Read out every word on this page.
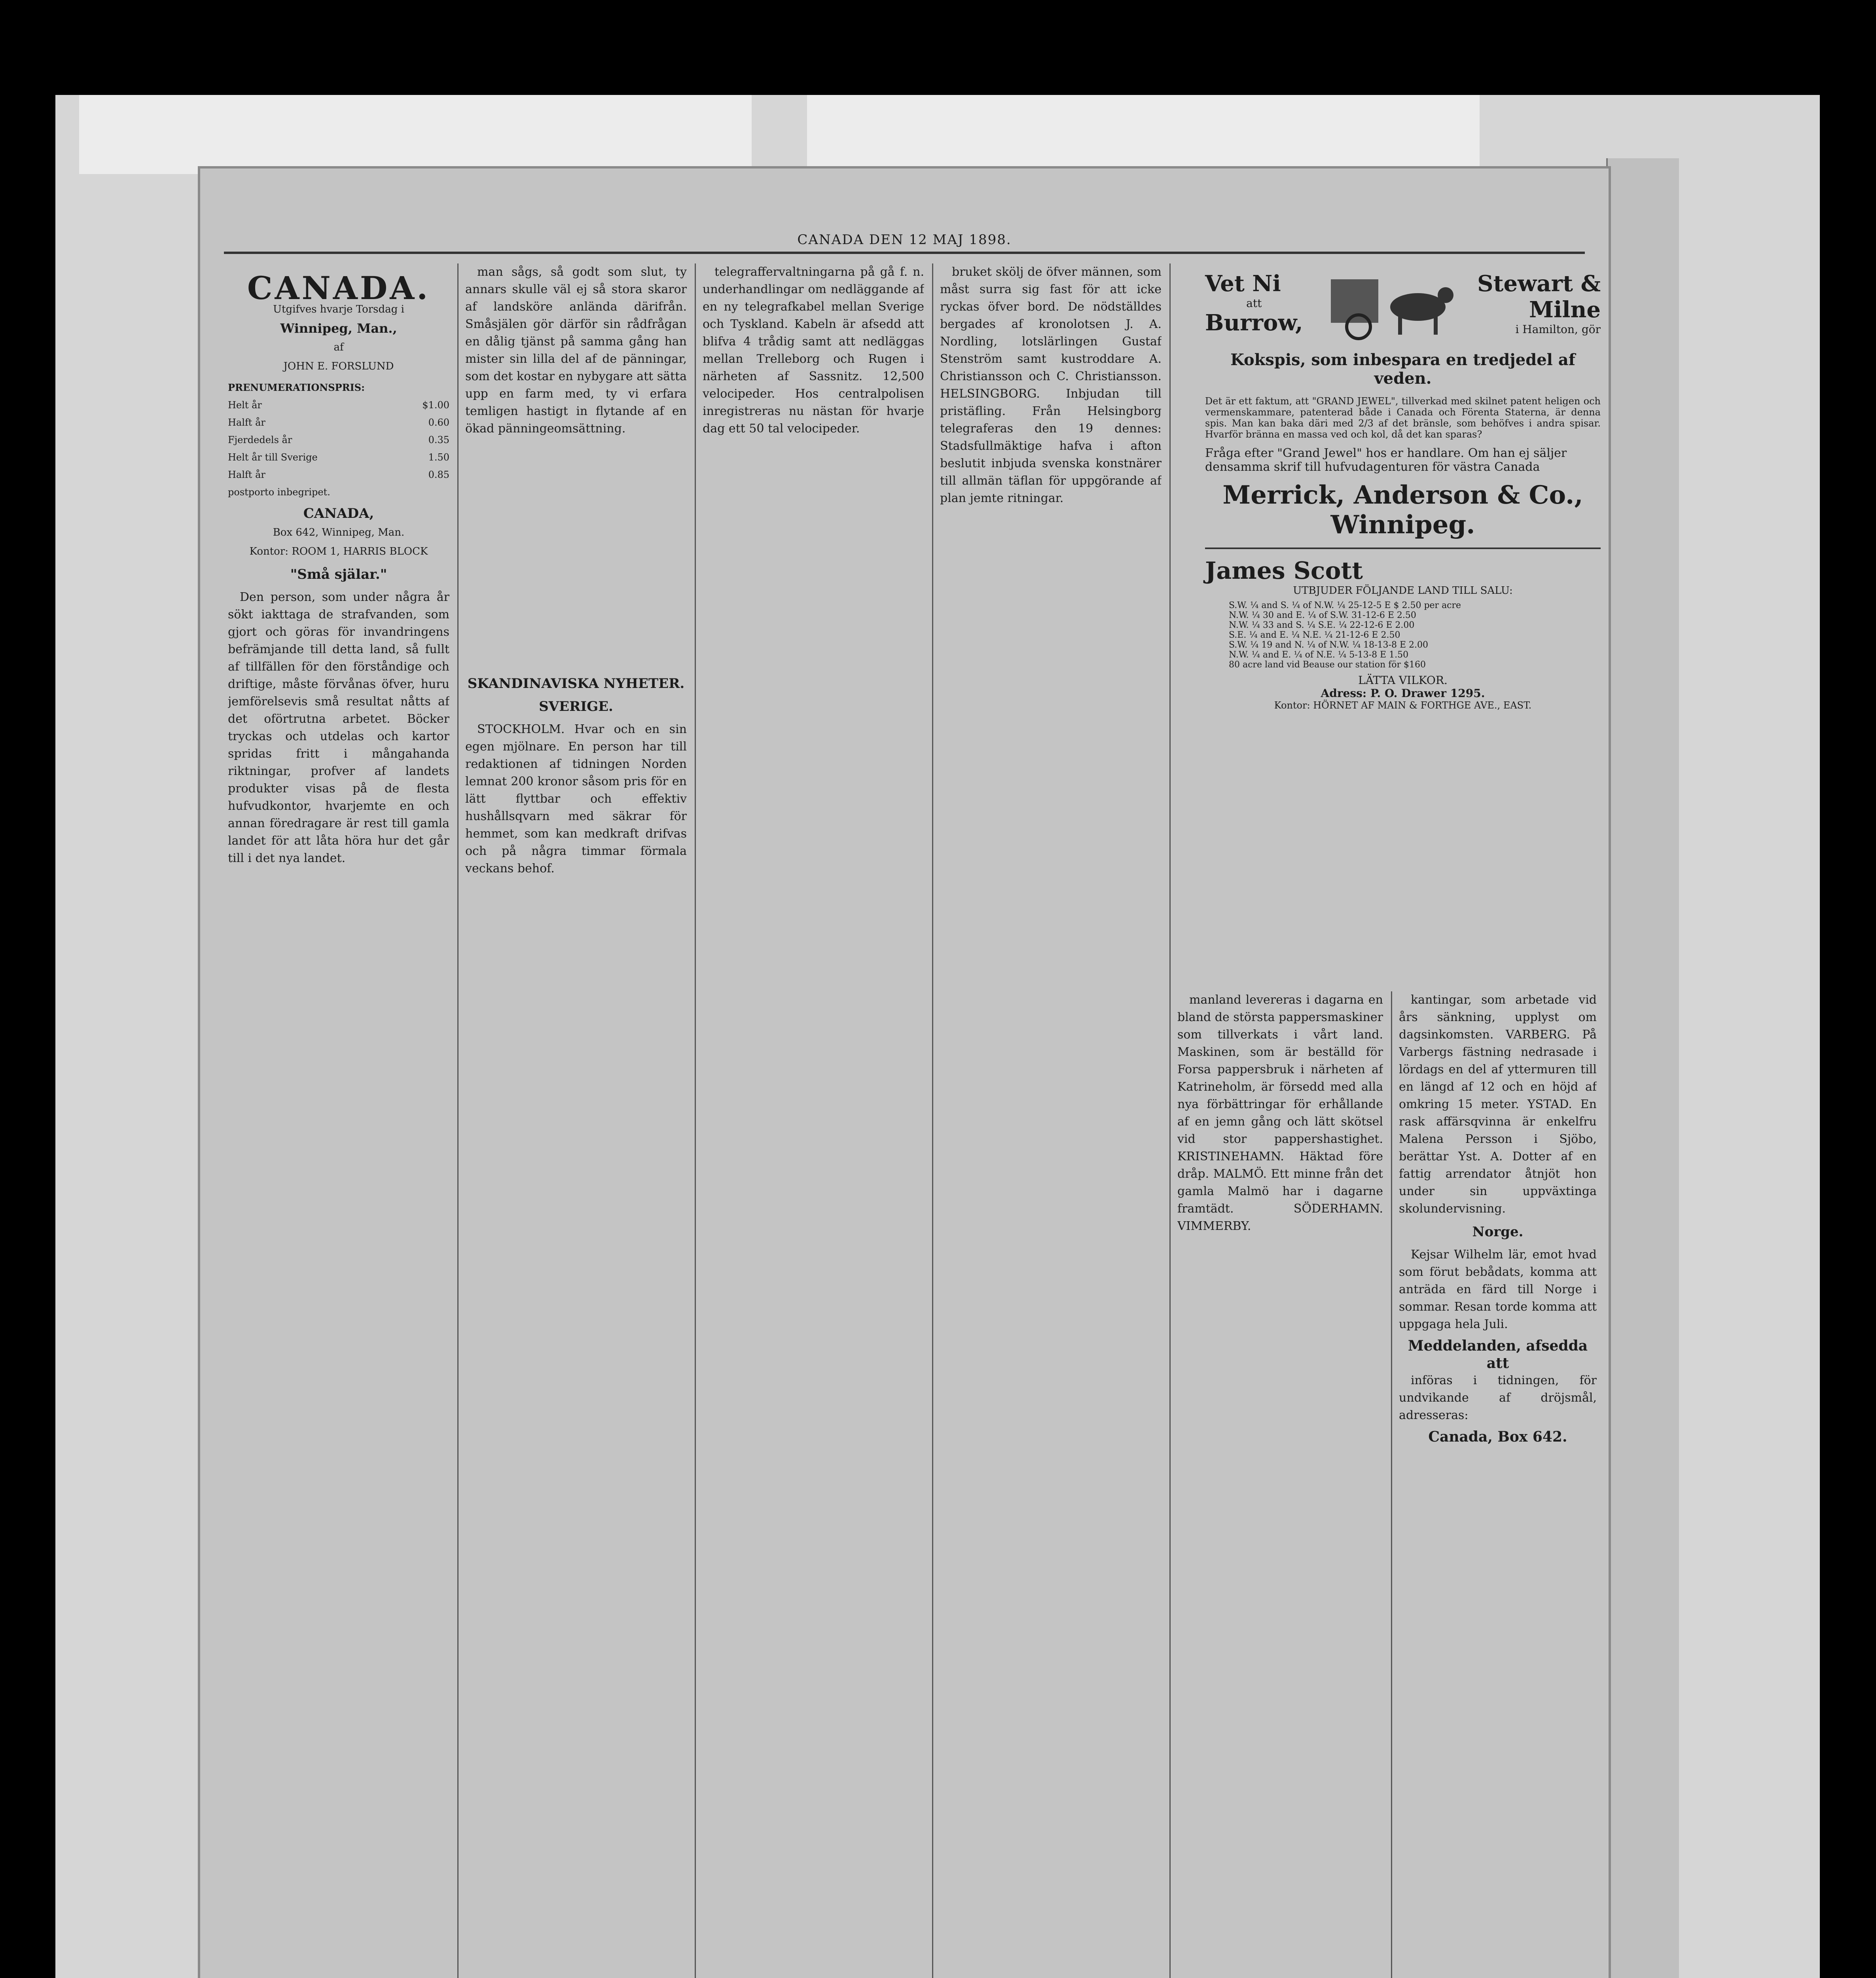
CANADA DEN 12 MAJ 1898.
CANADA.
Utgifves hvarje Torsdag i
Winnipeg, Man.,
af
JOHN E. FORSLUND
PRENUMERATIONSPRIS:
Helt år	$1.00
Halft år	0.60
Fjerdedels år	0.35
Helt år till Sverige	1.50
Halft år	0.85
postporto inbegripet.
CANADA,
Box 642, Winnipeg, Man.
Kontor: ROOM 1, HARRIS BLOCK
"Små själar."

Den person, som under några år sökt iakttaga de strafvanden, som gjort och göras för invandringens befrämjande till detta land, så fullt af tillfällen för den förståndige och driftige, måste förvånas öfver, huru jemförelsevis små resultat nåtts af det oförtrutna arbetet. Böcker tryckas och utdelas och kartor spridas fritt i mångahanda riktningar, profver af landets produkter visas på de flesta hufvudkontor, hvarjemte en och annan föredragare är rest till gamla landet för att låta höra hur det går till i det nya landet.

man sågs, så godt som slut, ty annars skulle väl ej så stora skaror af landsköre anlända därifrån. Småsjälen gör därför sin rådfrågan en dålig tjänst på samma gång han mister sin lilla del af de pänningar, som det kostar en nybygare att sätta upp en farm med, ty vi erfara temligen hastigt in flytande af en ökad pänningeomsättning.

SKANDINAVISKA NYHETER.
SVERIGE.

STOCKHOLM. Hvar och en sin egen mjölnare. En person har till redaktionen af tidningen Norden lemnat 200 kronor såsom pris för en lätt flyttbar och effektiv hushållsqvarn med säkrar för hemmet, som kan medkraft drifvas och på några timmar förmala veckans behof.

telegraffervaltningarna på gå f. n. underhandlingar om nedläggande af en ny telegrafkabel mellan Sverige och Tyskland. Kabeln är afsedd att blifva 4 trådig samt att nedläggas mellan Trelleborg och Rugen i närheten af Sassnitz. 12,500 velocipeder. Hos centralpolisen inregistreras nu nästan för hvarje dag ett 50 tal velocipeder.

bruket skölj de öfver männen, som måst surra sig fast för att icke ryckas öfver bord. De nödställdes bergades af kronolotsen J. A. Nordling, lotslärlingen Gustaf Stenström samt kustroddare A. Christiansson och C. Christiansson. HELSINGBORG. Inbjudan till pristäfling. Från Helsingborg telegraferas den 19 dennes: Stadsfullmäktige hafva i afton beslutit inbjuda svenska konstnärer till allmän täflan för uppgörande af plan jemte ritningar.

Vet Ni
att
Burrow,
Stewart &
Milne
i Hamilton, gör
Kokspis, som inbespara en tredjedel af veden.
Det är ett faktum, att "GRAND JEWEL", tillverkad med skilnet patent heligen och vermenskammare, patenterad både i Canada och Förenta Staterna, är denna spis. Man kan baka däri med 2/3 af det bränsle, som behöfves i andra spisar. Hvarför bränna en massa ved och kol, då det kan sparas?
Fråga efter "Grand Jewel" hos er handlare. Om han ej säljer densamma skrif till hufvudagenturen för västra Canada
Merrick, Anderson & Co., Winnipeg.
James Scott
UTBJUDER FÖLJANDE LAND TILL SALU:
S.W. ¼ and S. ¼ of N.W. ¼ 25-12-5 E $ 2.50 per acre
N.W. ¼ 30 and E. ¼ of S.W. 31-12-6 E 2.50
N.W. ¼ 33 and S. ¼ S.E. ¼ 22-12-6 E 2.00
S.E. ¼ and E. ¼ N.E. ¼ 21-12-6 E 2.50
S.W. ¼ 19 and N. ¼ of N.W. ¼ 18-13-8 E 2.00
N.W. ¼ and E. ¼ of N.E. ¼ 5-13-8 E 1.50
80 acre land vid Beause our station för $160
LÄTTA VILKOR.
Adress: P. O. Drawer 1295.
Kontor: HÖRNET AF MAIN & FORTHGE AVE., EAST.

manland levereras i dagarna en bland de största pappersmaskiner som tillverkats i vårt land. Maskinen, som är beställd för Forsa pappersbruk i närheten af Katrineholm, är försedd med alla nya förbättringar för erhållande af en jemn gång och lätt skötsel vid stor pappershastighet. KRISTINEHAMN. Häktad före dråp. MALMÖ. Ett minne från det gamla Malmö har i dagarne framtädt. SÖDERHAMN. VIMMERBY.

kantingar, som arbetade vid års sänkning, upplyst om dagsinkomsten. VARBERG. På Varbergs fästning nedrasade i lördags en del af yttermuren till en längd af 12 och en höjd af omkring 15 meter. YSTAD. En rask affärsqvinna är enkelfru Malena Persson i Sjöbo, berättar Yst. A. Dotter af en fattig arrendator åtnjöt hon under sin uppväxtinga skolundervisning.

Norge.

Kejsar Wilhelm lär, emot hvad som förut bebådats, komma att anträda en färd till Norge i sommar. Resan torde komma att uppgaga hela Juli.

Meddelanden, afsedda att

införas i tidningen, för undvikande af dröjsmål, adresseras:

Canada, Box 642.
